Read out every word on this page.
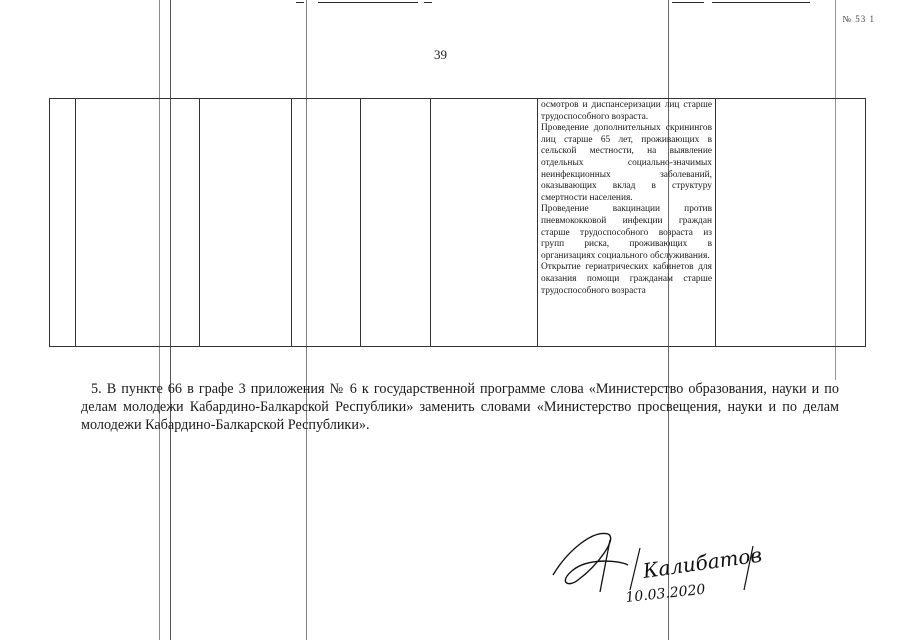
№ 53 1
39

осмотров и диспансеризации лиц старше трудоспособного возраста.

Проведение дополнительных скринингов лиц старше 65 лет, проживающих в сельской местности, на выявление отдельных социально-значимых неинфекционных заболеваний, оказывающих вклад в структуру смертности населения.

Проведение вакцинации против пневмококковой инфекции граждан старше трудоспособного возраста из групп риска, проживающих в организациях социального обслуживания.

Открытие гериатрических кабинетов для оказания помощи гражданам старше трудоспособного возраста

5. В пункте 66 в графе 3 приложения № 6 к государственной программе слова «Министерство образования, науки и по делам молодежи Кабардино-Балкарской Республики» заменить словами «Министерство просвещения, науки и по делам молодежи Кабардино-Балкарской Республики».

Калибатов
10.03.2020
